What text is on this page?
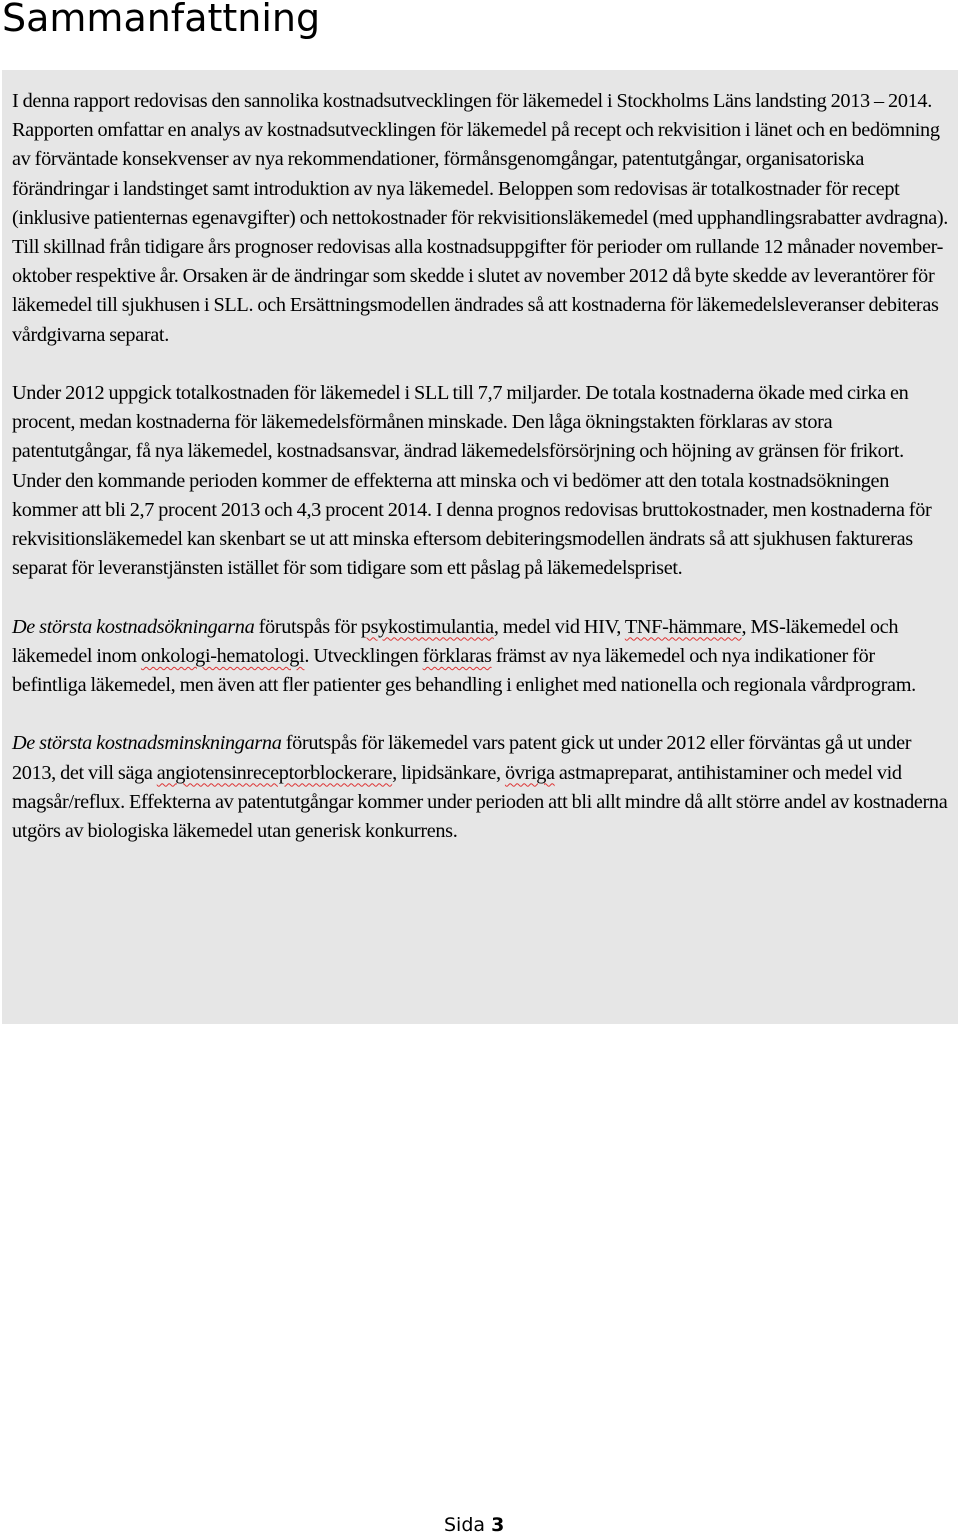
Sammanfattning

I denna rapport redovisas den sannolika kostnadsutvecklingen för läkemedel i Stockholms Läns landsting 2013 – 2014. Rapporten omfattar en analys av kostnadsutvecklingen för läkemedel på recept och rekvisition i länet och en bedömning av förväntade konsekvenser av nya rekommendationer, förmånsgenomgångar, patentutgångar, organisatoriska förändringar i landstinget samt introduktion av nya läkemedel. Beloppen som redovisas är totalkostnader för recept (inklusive patienternas egenavgifter) och nettokostnader för rekvisitionsläkemedel (med upphandlingsrabatter avdragna). Till skillnad från tidigare års prognoser redovisas alla kostnadsuppgifter för perioder om rullande 12 månader november-oktober respektive år. Orsaken är de ändringar som skedde i slutet av november 2012 då byte skedde av leverantörer för läkemedel till sjukhusen i SLL. och Ersättningsmodellen ändrades så att kostnaderna för läkemedelsleveranser debiteras vårdgivarna separat.

Under 2012 uppgick totalkostnaden för läkemedel i SLL till 7,7 miljarder. De totala kostnaderna ökade med cirka en procent, medan kostnaderna för läkemedelsförmånen minskade. Den låga ökningstakten förklaras av stora patentutgångar, få nya läkemedel, kostnadsansvar, ändrad läkemedelsförsörjning och höjning av gränsen för frikort. Under den kommande perioden kommer de effekterna att minska och vi bedömer att den totala kostnadsökningen kommer att bli 2,7 procent 2013 och 4,3 procent 2014. I denna prognos redovisas bruttokostnader, men kostnaderna för rekvisitionsläkemedel kan skenbart se ut att minska eftersom debiteringsmodellen ändrats så att sjukhusen faktureras separat för leveranstjänsten istället för som tidigare som ett påslag på läkemedelspriset.

De största kostnadsökningarna förutspås för psykostimulantia, medel vid HIV, TNF-hämmare, MS-läkemedel och läkemedel inom onkologi-hematologi. Utvecklingen förklaras främst av nya läkemedel och nya indikationer för befintliga läkemedel, men även att fler patienter ges behandling i enlighet med nationella och regionala vårdprogram.

De största kostnadsminskningarna förutspås för läkemedel vars patent gick ut under 2012 eller förväntas gå ut under 2013, det vill säga angiotensinreceptorblockerare, lipidsänkare, övriga astmapreparat, antihistaminer och medel vid magsår/reflux. Effekterna av patentutgångar kommer under perioden att bli allt mindre då allt större andel av kostnaderna utgörs av biologiska läkemedel utan generisk konkurrens.

Sida 3
